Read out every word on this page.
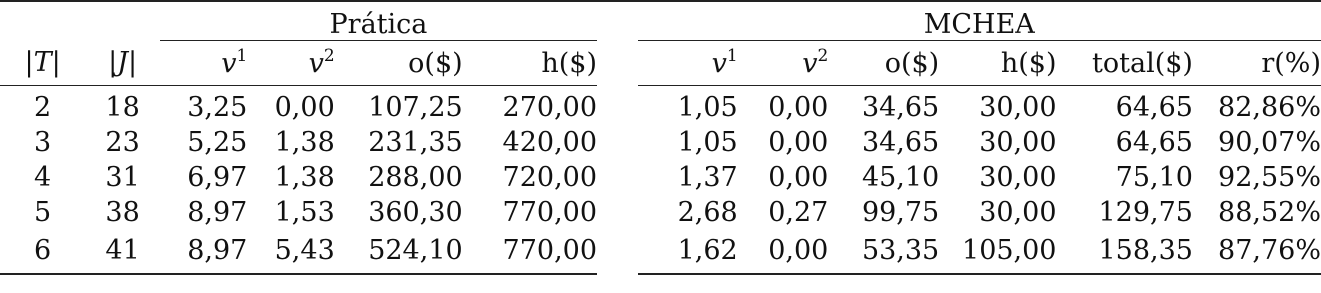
		Prática					MCHEA					
|T|	|J|	$v^1$	$v^2$	o($)	h($)		$v^1$	$v^2$	o($)	h($)	total($)	r(%)
2	18	3,25	0,00	107,25	270,00		1,05	0,00	34,65	30,00	64,65	82,86%
3	23	5,25	1,38	231,35	420,00		1,05	0,00	34,65	30,00	64,65	90,07%
4	31	6,97	1,38	288,00	720,00		1,37	0,00	45,10	30,00	75,10	92,55%
5	38	8,97	1,53	360,30	770,00		2,68	0,27	99,75	30,00	129,75	88,52%
6	41	8,97	5,43	524,10	770,00		1,62	0,00	53,35	105,00	158,35	87,76%
